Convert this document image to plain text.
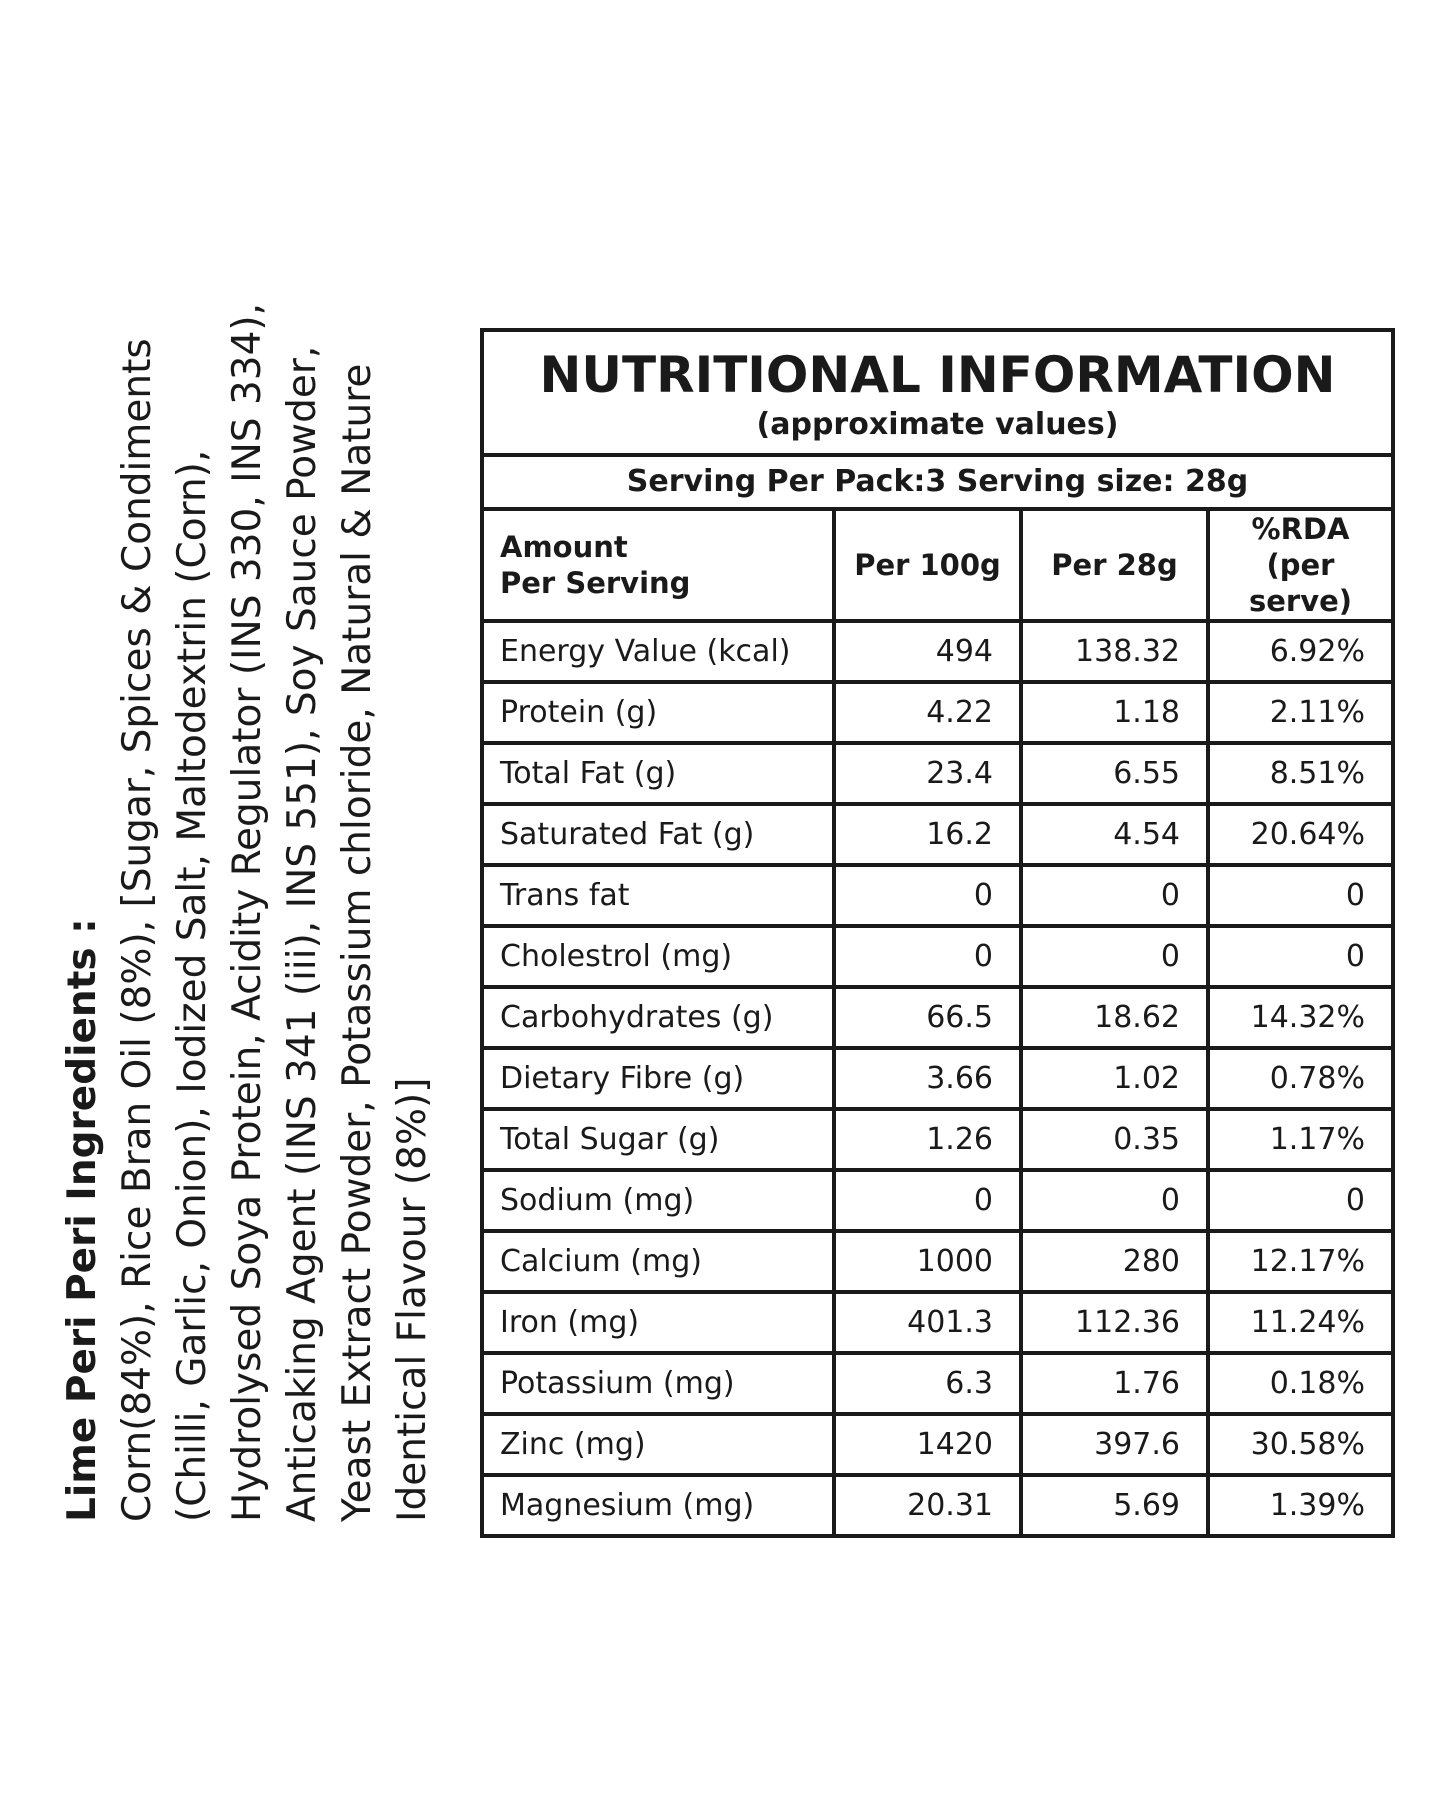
Lime Peri Peri Ingredients : Corn(84%), Rice Bran Oil (8%), [Sugar, Spices & Condiments (Chilli, Garlic, Onion), Iodized Salt, Maltodextrin (Corn), Hydrolysed Soya Protein, Acidity Regulator (INS 330, INS 334), Anticaking Agent (INS 341 (iii), INS 551), Soy Sauce Powder, Yeast Extract Powder, Potassium chloride, Natural & Nature Identical Flavour (8%)]
NUTRITIONAL INFORMATION
(approximate values)
Serving Per Pack:3 Serving size: 28g
Amount
Per Serving	Per 100g	Per 28g	%RDA
(per serve)
Energy Value (kcal)	494	138.32	6.92%
Protein (g)	4.22	1.18	2.11%
Total Fat (g)	23.4	6.55	8.51%
Saturated Fat (g)	16.2	4.54	20.64%
Trans fat	0	0	0
Cholestrol (mg)	0	0	0
Carbohydrates (g)	66.5	18.62	14.32%
Dietary Fibre (g)	3.66	1.02	0.78%
Total Sugar (g)	1.26	0.35	1.17%
Sodium (mg)	0	0	0
Calcium (mg)	1000	280	12.17%
Iron (mg)	401.3	112.36	11.24%
Potassium (mg)	6.3	1.76	0.18%
Zinc (mg)	1420	397.6	30.58%
Magnesium (mg)	20.31	5.69	1.39%
